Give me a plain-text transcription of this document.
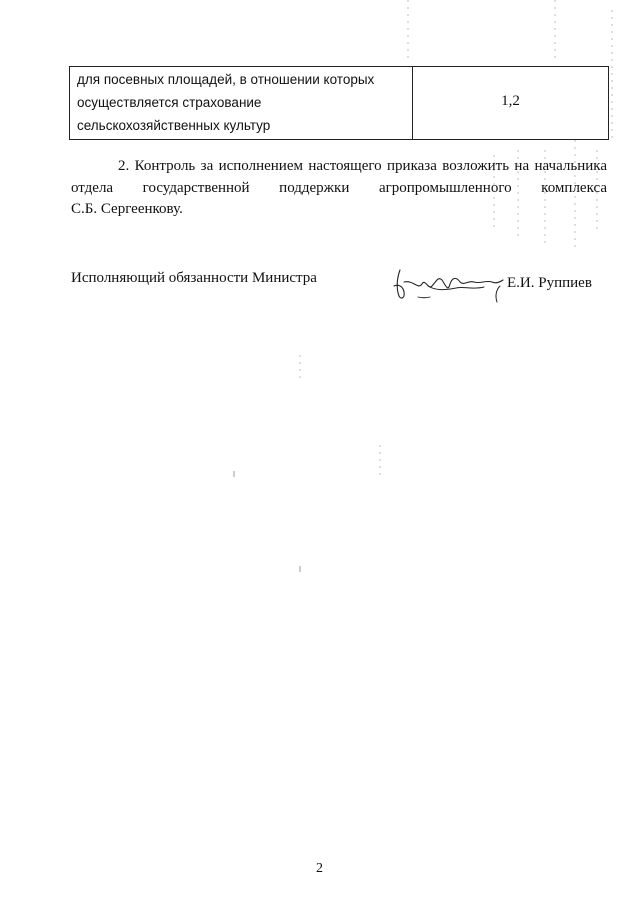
для посевных площадей, в отношении которых
осуществляется страхование
сельскохозяйственных культур
	1,2
2. Контроль за исполнением настоящего приказа возложить на начальника
отдела государственной поддержки агропромышленного комплекса
С.Б. Сергеенкову.
Исполняющий обязанности Министра	Е.И. Руппиев
2
